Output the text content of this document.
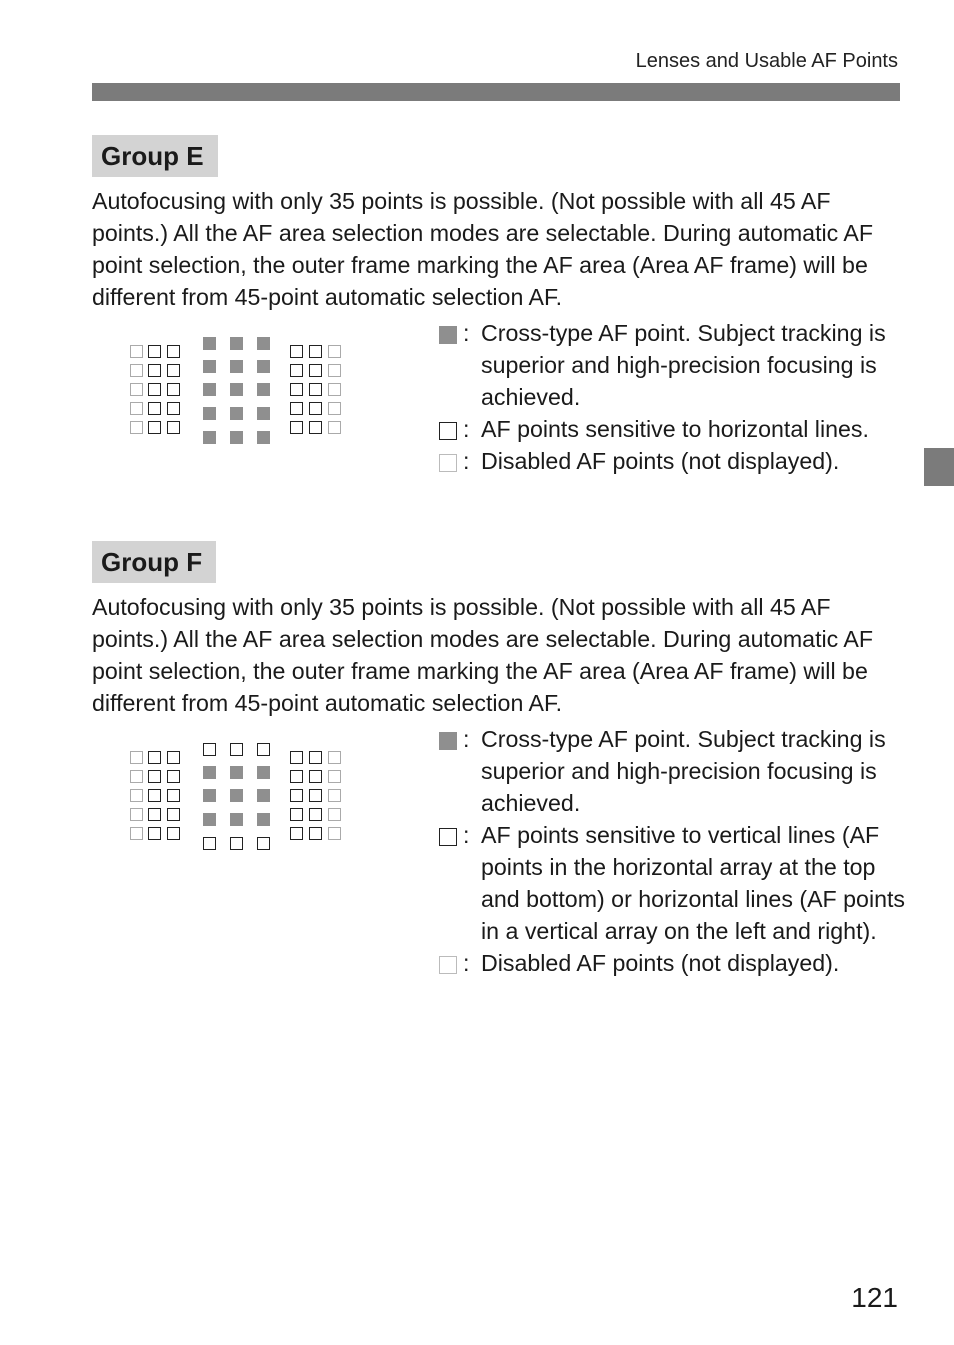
Lenses and Usable AF Points
Group E

Autofocusing with only 35 points is possible. (Not possible with all 45 AF points.) All the AF area selection modes are selectable. During automatic AF point selection, the outer frame marking the AF area (Area AF frame) will be different from 45-point automatic selection AF.

: Cross-type AF point. Subject tracking is superior and high-precision focusing is achieved.
: AF points sensitive to horizontal lines.
: Disabled AF points (not displayed).
Group F

Autofocusing with only 35 points is possible. (Not possible with all 45 AF points.) All the AF area selection modes are selectable. During automatic AF point selection, the outer frame marking the AF area (Area AF frame) will be different from 45-point automatic selection AF.

: Cross-type AF point. Subject tracking is superior and high-precision focusing is achieved.
: AF points sensitive to vertical lines (AF points in the horizontal array at the top and bottom) or horizontal lines (AF points in a vertical array on the left and right).
: Disabled AF points (not displayed).
121
